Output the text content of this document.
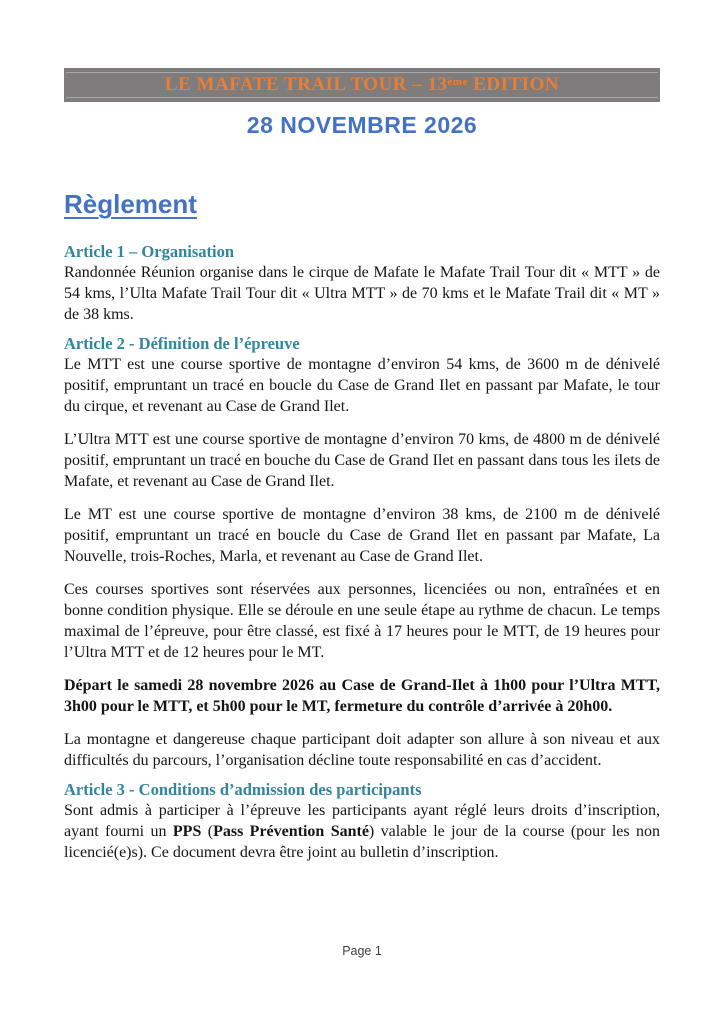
LE MAFATE TRAIL TOUR – 13ème EDITION
28 NOVEMBRE 2026
Règlement
Article 1 – Organisation

Randonnée Réunion organise dans le cirque de Mafate le Mafate Trail Tour dit « MTT » de 54 kms, l’Ulta Mafate Trail Tour dit « Ultra MTT » de 70 kms et le Mafate Trail dit « MT » de 38 kms.

Article 2 - Définition de l’épreuve

Le MTT est une course sportive de montagne d’environ 54 kms, de 3600 m de dénivelé positif, empruntant un tracé en boucle du Case de Grand Ilet en passant par Mafate, le tour du cirque, et revenant au Case de Grand Ilet.

L’Ultra MTT est une course sportive de montagne d’environ 70 kms, de 4800 m de dénivelé positif, empruntant un tracé en bouche du Case de Grand Ilet en passant dans tous les ilets de Mafate, et revenant au Case de Grand Ilet.

Le MT est une course sportive de montagne d’environ 38 kms, de 2100 m de dénivelé positif, empruntant un tracé en boucle du Case de Grand Ilet en passant par Mafate, La Nouvelle, trois-Roches, Marla, et revenant au Case de Grand Ilet.

Ces courses sportives sont réservées aux personnes, licenciées ou non, entraînées et en bonne condition physique. Elle se déroule en une seule étape au rythme de chacun. Le temps maximal de l’épreuve, pour être classé, est fixé à 17 heures pour le MTT, de 19 heures pour l’Ultra MTT et de 12 heures pour le MT.

Départ le samedi 28 novembre 2026 au Case de Grand-Ilet à 1h00 pour l’Ultra MTT, 3h00 pour le MTT, et 5h00 pour le MT, fermeture du contrôle d’arrivée à 20h00.

La montagne et dangereuse chaque participant doit adapter son allure à son niveau et aux difficultés du parcours, l’organisation décline toute responsabilité en cas d’accident.

Article 3 - Conditions d’admission des participants

Sont admis à participer à l’épreuve les participants ayant réglé leurs droits d’inscription, ayant fourni un PPS (Pass Prévention Santé) valable le jour de la course (pour les non licencié(e)s). Ce document devra être joint au bulletin d’inscription.

Page 1
